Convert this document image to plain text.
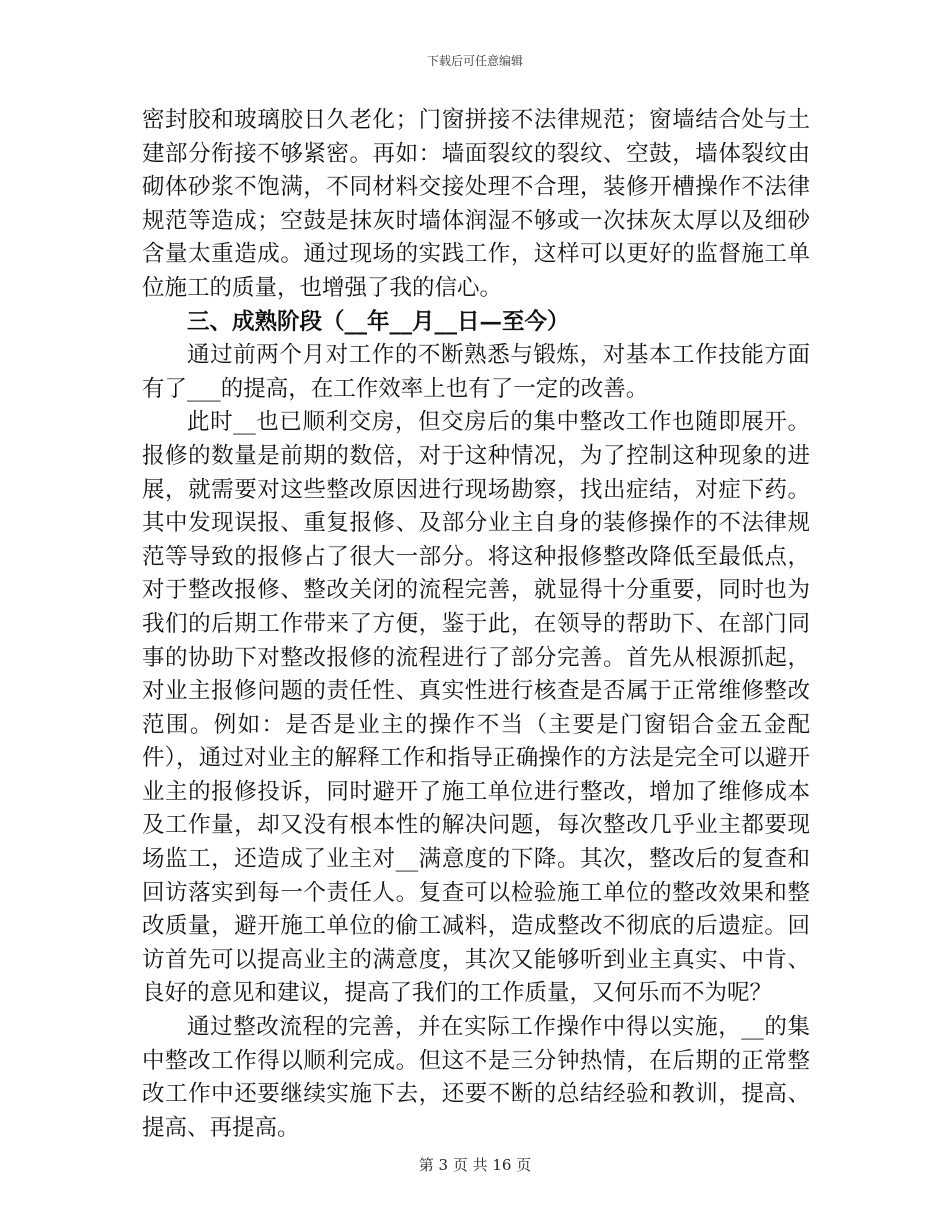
下载后可任意编辑

密封胶和玻璃胶日久老化；门窗拼接不法律规范；窗墙结合处与土建部分衔接不够紧密。再如：墙面裂纹的裂纹、空鼓，墙体裂纹由砌体砂浆不饱满，不同材料交接处理不合理，装修开槽操作不法律规范等造成；空鼓是抹灰时墙体润湿不够或一次抹灰太厚以及细砂含量太重造成。通过现场的实践工作，这样可以更好的监督施工单位施工的质量，也增强了我的信心。

三、成熟阶段（__年__月__日—至今）

通过前两个月对工作的不断熟悉与锻炼，对基本工作技能方面有了___的提高，在工作效率上也有了一定的改善。

此时__也已顺利交房，但交房后的集中整改工作也随即展开。报修的数量是前期的数倍，对于这种情况，为了控制这种现象的进展，就需要对这些整改原因进行现场勘察，找出症结，对症下药。其中发现误报、重复报修、及部分业主自身的装修操作的不法律规范等导致的报修占了很大一部分。将这种报修整改降低至最低点，对于整改报修、整改关闭的流程完善，就显得十分重要，同时也为我们的后期工作带来了方便，鉴于此，在领导的帮助下、在部门同事的协助下对整改报修的流程进行了部分完善。首先从根源抓起，对业主报修问题的责任性、真实性进行核查是否属于正常维修整改范围。例如：是否是业主的操作不当（主要是门窗铝合金五金配件），通过对业主的解释工作和指导正确操作的方法是完全可以避开业主的报修投诉，同时避开了施工单位进行整改，增加了维修成本及工作量，却又没有根本性的解决问题，每次整改几乎业主都要现场监工，还造成了业主对__满意度的下降。其次，整改后的复查和回访落实到每一个责任人。复查可以检验施工单位的整改效果和整改质量，避开施工单位的偷工减料，造成整改不彻底的后遗症。回访首先可以提高业主的满意度，其次又能够听到业主真实、中肯、良好的意见和建议，提高了我们的工作质量，又何乐而不为呢？

通过整改流程的完善，并在实际工作操作中得以实施，__的集中整改工作得以顺利完成。但这不是三分钟热情，在后期的正常整改工作中还要继续实施下去，还要不断的总结经验和教训，提高、提高、再提高。

第 3 页 共 16 页
